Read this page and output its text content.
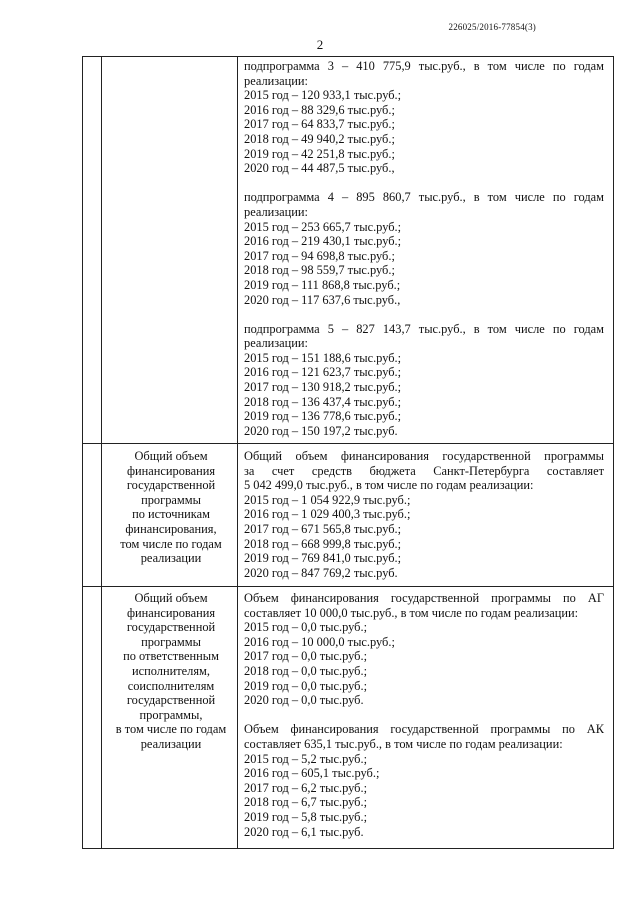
226025/2016-77854(3)
2
подпрограмма 3 – 410 775,9 тыс.руб., в том числе по годам
реализации:
2015 год – 120 933,1 тыс.руб.;
2016 год – 88 329,6 тыс.руб.;
2017 год – 64 833,7 тыс.руб.;
2018 год – 49 940,2 тыс.руб.;
2019 год – 42 251,8 тыс.руб.;
2020 год – 44 487,5 тыс.руб.,
подпрограмма 4 – 895 860,7 тыс.руб., в том числе по годам
реализации:
2015 год – 253 665,7 тыс.руб.;
2016 год – 219 430,1 тыс.руб.;
2017 год – 94 698,8 тыс.руб.;
2018 год – 98 559,7 тыс.руб.;
2019 год – 111 868,8 тыс.руб.;
2020 год – 117 637,6 тыс.руб.,
подпрограмма 5 – 827 143,7 тыс.руб., в том числе по годам
реализации:
2015 год – 151 188,6 тыс.руб.;
2016 год – 121 623,7 тыс.руб.;
2017 год – 130 918,2 тыс.руб.;
2018 год – 136 437,4 тыс.руб.;
2019 год – 136 778,6 тыс.руб.;
2020 год – 150 197,2 тыс.руб.
Общий объем
финансирования
государственной
программы
по источникам
финансирования,
том числе по годам
реализации
Общий объем финансирования государственной программы
за счет средств бюджета Санкт-Петербурга составляет
5 042 499,0 тыс.руб., в том числе по годам реализации:
2015 год – 1 054 922,9 тыс.руб.;
2016 год – 1 029 400,3 тыс.руб.;
2017 год – 671 565,8 тыс.руб.;
2018 год – 668 999,8 тыс.руб.;
2019 год – 769 841,0 тыс.руб.;
2020 год – 847 769,2 тыс.руб.
Общий объем
финансирования
государственной
программы
по ответственным
исполнителям,
соисполнителям
государственной
программы,
в том числе по годам
реализации
Объем финансирования государственной программы по АГ
составляет 10 000,0 тыс.руб., в том числе по годам реализации:
2015 год – 0,0 тыс.руб.;
2016 год – 10 000,0 тыс.руб.;
2017 год – 0,0 тыс.руб.;
2018 год – 0,0 тыс.руб.;
2019 год – 0,0 тыс.руб.;
2020 год – 0,0 тыс.руб.
Объем финансирования государственной программы по АК
составляет 635,1 тыс.руб., в том числе по годам реализации:
2015 год – 5,2 тыс.руб.;
2016 год – 605,1 тыс.руб.;
2017 год – 6,2 тыс.руб.;
2018 год – 6,7 тыс.руб.;
2019 год – 5,8 тыс.руб.;
2020 год – 6,1 тыс.руб.
